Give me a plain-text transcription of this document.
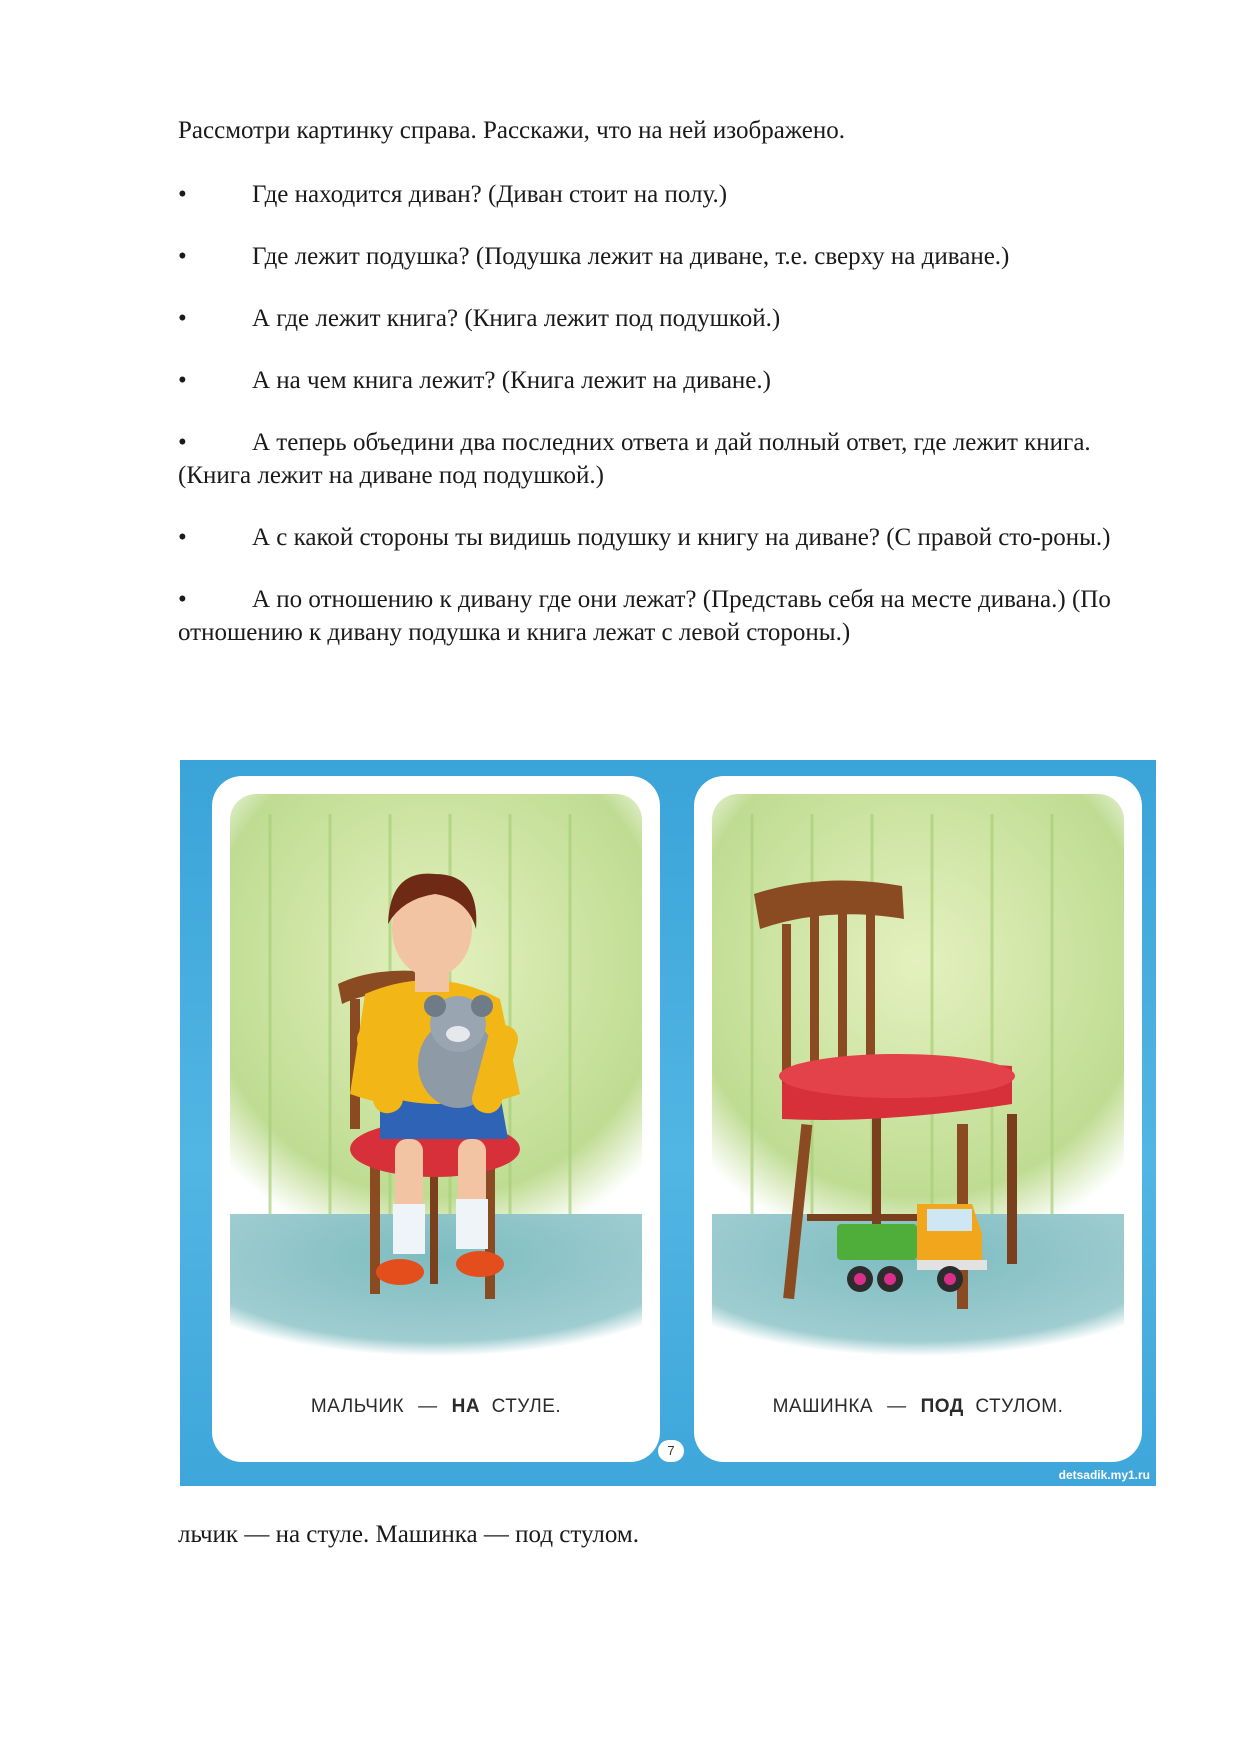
Рассмотри картинку справа. Расскажи, что на ней изображено.
•	Где находится диван? (Диван стоит на полу.)
•	Где лежит подушка? (Подушка лежит на диване, т.е. сверху на диване.)
•	А где лежит книга? (Книга лежит под подушкой.)
•	А на чем книга лежит? (Книга лежит на диване.)
•	А теперь объедини два последних ответа и дай полный ответ, где лежит книга. (Книга лежит на диване под подушкой.)
•	А с какой стороны ты видишь подушку и книгу на диване? (С правой сто-роны.)
•	А по отношению к дивану где они лежат? (Представь себя на месте дивана.) (По отношению к дивану подушка и книга лежат с левой стороны.)
МАЛЬЧИК — НА СТУЛЕ.	МАШИНКА — ПОД СТУЛОМ.
7
detsadik.my1.ru
льчик — на стуле. Машинка — под стулом.
